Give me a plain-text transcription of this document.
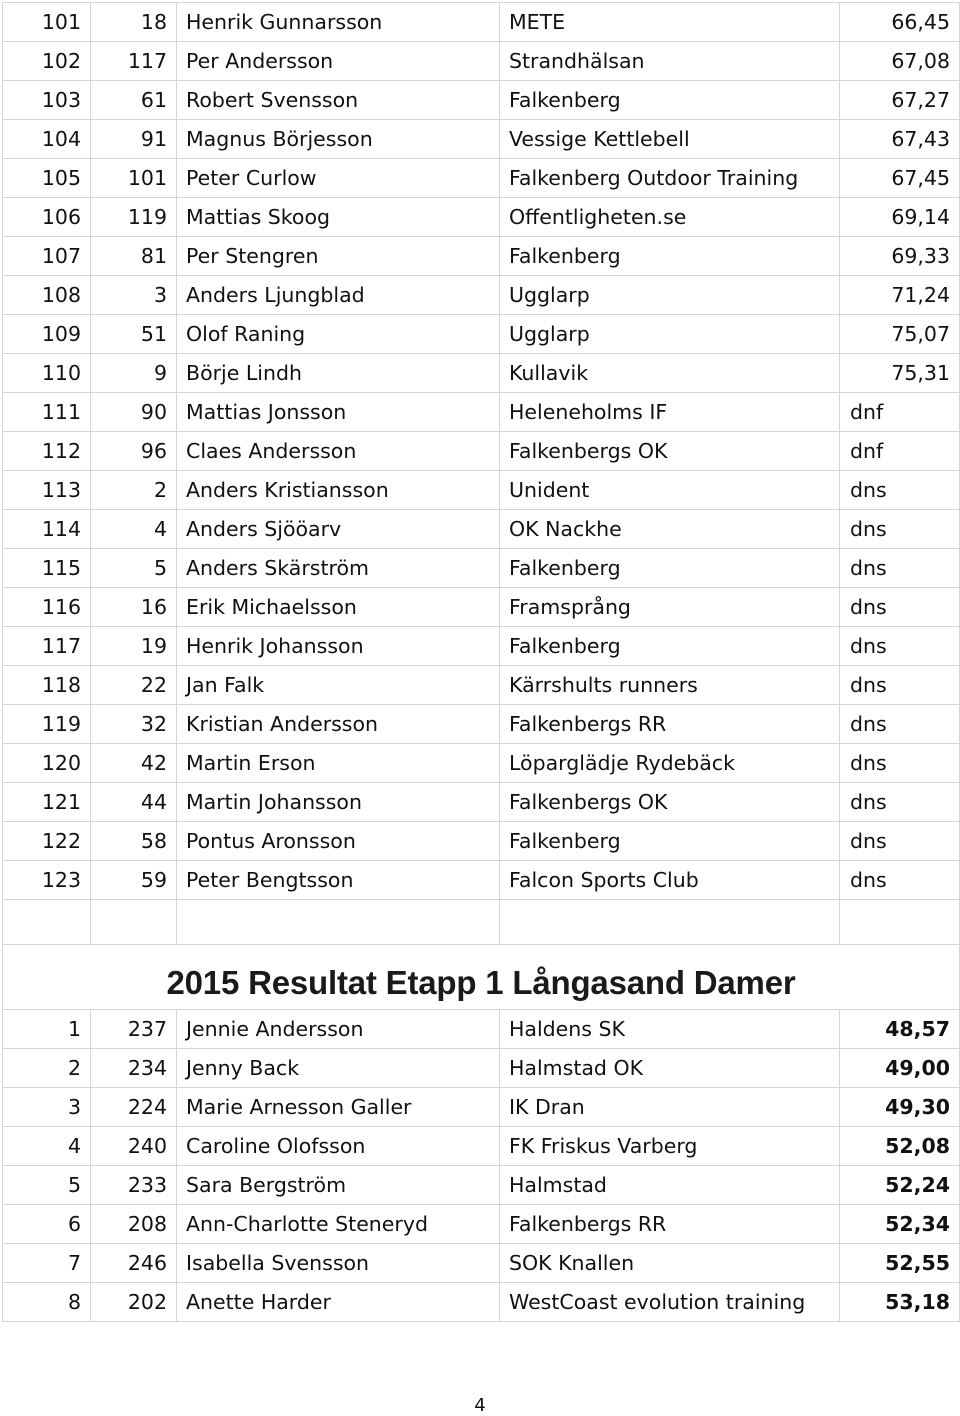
101	18	Henrik Gunnarsson	METE	66,45
102	117	Per Andersson	Strandhälsan	67,08
103	61	Robert Svensson	Falkenberg	67,27
104	91	Magnus Börjesson	Vessige Kettlebell	67,43
105	101	Peter Curlow	Falkenberg Outdoor Training	67,45
106	119	Mattias Skoog	Offentligheten.se	69,14
107	81	Per Stengren	Falkenberg	69,33
108	3	Anders Ljungblad	Ugglarp	71,24
109	51	Olof Raning	Ugglarp	75,07
110	9	Börje Lindh	Kullavik	75,31
111	90	Mattias Jonsson	Heleneholms IF	dnf
112	96	Claes Andersson	Falkenbergs OK	dnf
113	2	Anders Kristiansson	Unident	dns
114	4	Anders Sjööarv	OK Nackhe	dns
115	5	Anders Skärström	Falkenberg	dns
116	16	Erik Michaelsson	Framsprång	dns
117	19	Henrik Johansson	Falkenberg	dns
118	22	Jan Falk	Kärrshults runners	dns
119	32	Kristian Andersson	Falkenbergs RR	dns
120	42	Martin Erson	Löparglädje Rydebäck	dns
121	44	Martin Johansson	Falkenbergs OK	dns
122	58	Pontus Aronsson	Falkenberg	dns
123	59	Peter Bengtsson	Falcon Sports Club	dns

2015 Resultat Etapp 1 Långasand Damer				
1	237	Jennie Andersson	Haldens SK	48,57
2	234	Jenny Back	Halmstad OK	49,00
3	224	Marie Arnesson Galler	IK Dran	49,30
4	240	Caroline Olofsson	FK Friskus Varberg	52,08
5	233	Sara Bergström	Halmstad	52,24
6	208	Ann-Charlotte Steneryd	Falkenbergs RR	52,34
7	246	Isabella Svensson	SOK Knallen	52,55
8	202	Anette Harder	WestCoast evolution training	53,18
4
